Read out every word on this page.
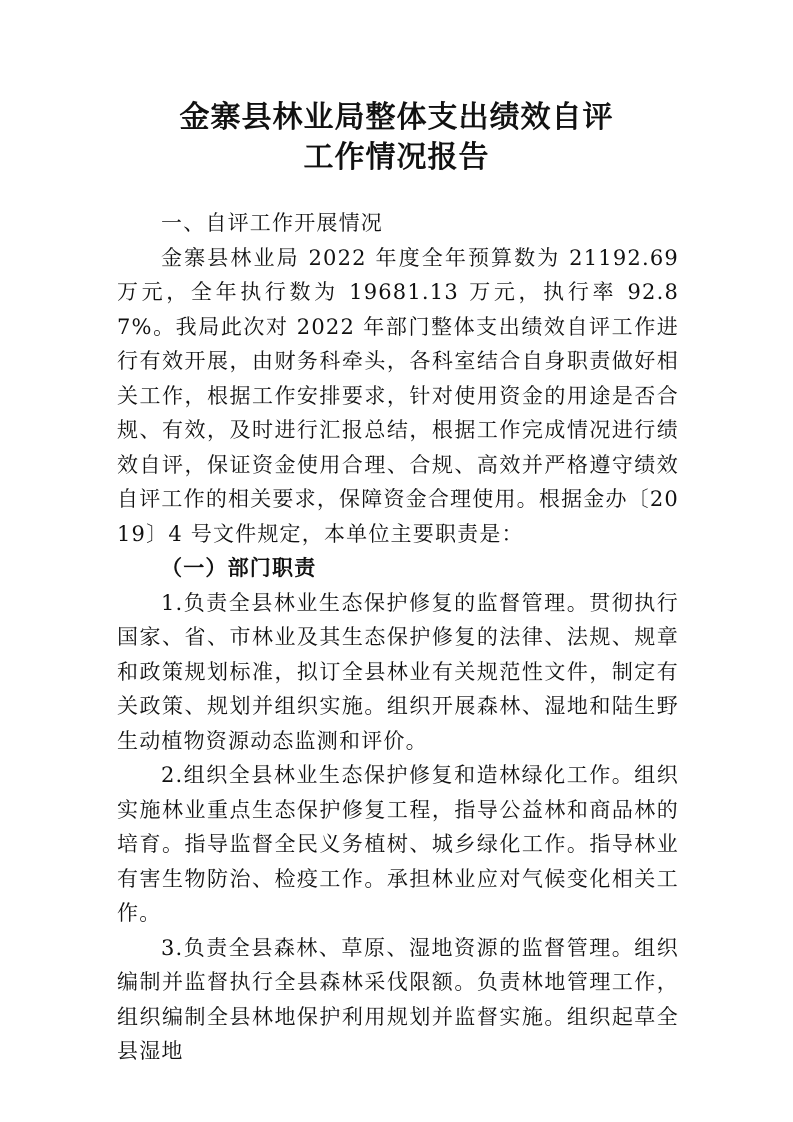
金寨县林业局整体支出绩效自评
工作情况报告

一、自评工作开展情况

金寨县林业局 2022 年度全年预算数为 21192.69 万元，全年执行数为 19681.13 万元，执行率 92.87%。我局此次对 2022 年部门整体支出绩效自评工作进行有效开展，由财务科牵头，各科室结合自身职责做好相关工作，根据工作安排要求，针对使用资金的用途是否合规、有效，及时进行汇报总结，根据工作完成情况进行绩效自评，保证资金使用合理、合规、高效并严格遵守绩效自评工作的相关要求，保障资金合理使用。根据金办〔2019〕4 号文件规定，本单位主要职责是：

（一）部门职责

1.负责全县林业生态保护修复的监督管理。贯彻执行国家、省、市林业及其生态保护修复的法律、法规、规章和政策规划标准，拟订全县林业有关规范性文件，制定有关政策、规划并组织实施。组织开展森林、湿地和陆生野生动植物资源动态监测和评价。

2.组织全县林业生态保护修复和造林绿化工作。组织实施林业重点生态保护修复工程，指导公益林和商品林的培育。指导监督全民义务植树、城乡绿化工作。指导林业有害生物防治、检疫工作。承担林业应对气候变化相关工作。

3.负责全县森林、草原、湿地资源的监督管理。组织编制并监督执行全县森林采伐限额。负责林地管理工作，组织编制全县林地保护利用规划并监督实施。组织起草全县湿地
